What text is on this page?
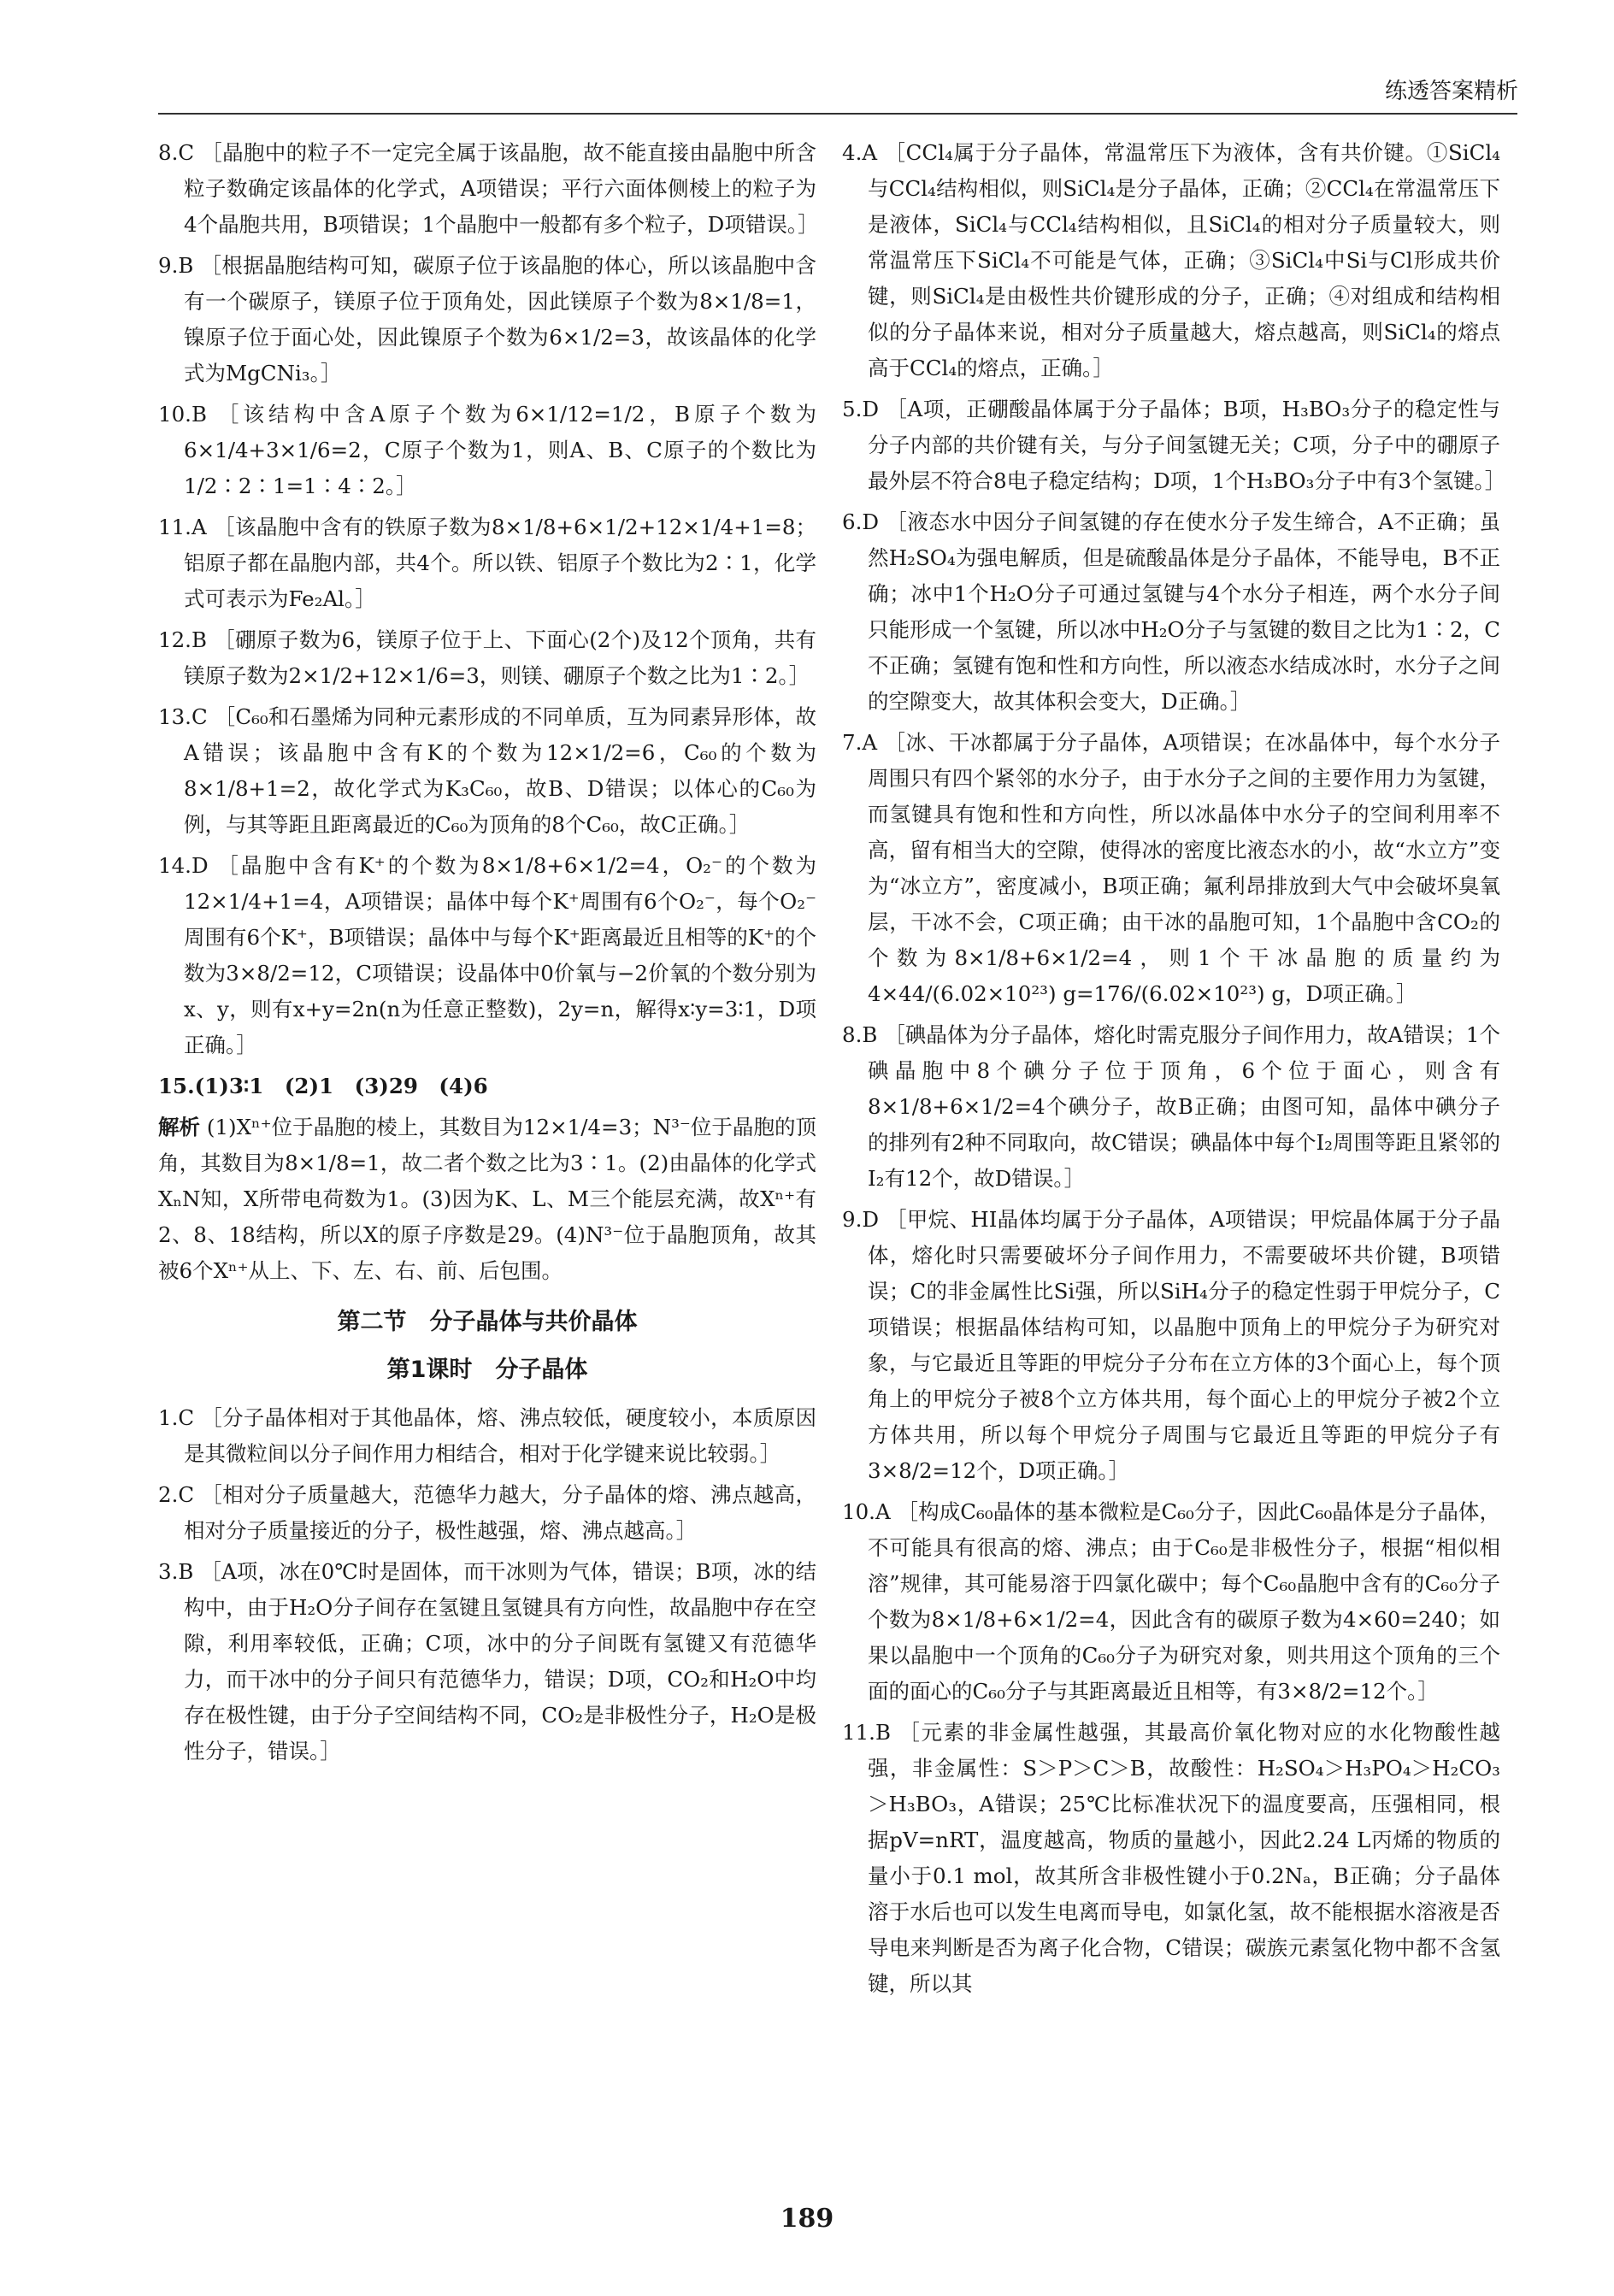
练透答案精析

8.C ［晶胞中的粒子不一定完全属于该晶胞，故不能直接由晶胞中所含粒子数确定该晶体的化学式，A项错误；平行六面体侧棱上的粒子为4个晶胞共用，B项错误；1个晶胞中一般都有多个粒子，D项错误。］

9.B ［根据晶胞结构可知，碳原子位于该晶胞的体心，所以该晶胞中含有一个碳原子，镁原子位于顶角处，因此镁原子个数为8×1/8=1，镍原子位于面心处，因此镍原子个数为6×1/2=3，故该晶体的化学式为MgCNi₃。］

10.B ［该结构中含A原子个数为6×1/12=1/2，B原子个数为6×1/4+3×1/6=2，C原子个数为1，则A、B、C原子的个数比为1/2∶2∶1=1∶4∶2。］

11.A ［该晶胞中含有的铁原子数为8×1/8+6×1/2+12×1/4+1=8；铝原子都在晶胞内部，共4个。所以铁、铝原子个数比为2∶1，化学式可表示为Fe₂Al。］

12.B ［硼原子数为6，镁原子位于上、下面心(2个)及12个顶角，共有镁原子数为2×1/2+12×1/6=3，则镁、硼原子个数之比为1∶2。］

13.C ［C₆₀和石墨烯为同种元素形成的不同单质，互为同素异形体，故A错误；该晶胞中含有K的个数为12×1/2=6，C₆₀的个数为8×1/8+1=2，故化学式为K₃C₆₀，故B、D错误；以体心的C₆₀为例，与其等距且距离最近的C₆₀为顶角的8个C₆₀，故C正确。］

14.D ［晶胞中含有K⁺的个数为8×1/8+6×1/2=4，O₂⁻的个数为12×1/4+1=4，A项错误；晶体中每个K⁺周围有6个O₂⁻，每个O₂⁻周围有6个K⁺，B项错误；晶体中与每个K⁺距离最近且相等的K⁺的个数为3×8/2=12，C项错误；设晶体中0价氧与−2价氧的个数分别为x、y，则有x+y=2n(n为任意正整数)，2y=n，解得x∶y=3∶1，D项正确。］

15.(1)3∶1　(2)1　(3)29　(4)6

解析 (1)Xⁿ⁺位于晶胞的棱上，其数目为12×1/4=3；N³⁻位于晶胞的顶角，其数目为8×1/8=1，故二者个数之比为3∶1。(2)由晶体的化学式XₙN知，X所带电荷数为1。(3)因为K、L、M三个能层充满，故Xⁿ⁺有2、8、18结构，所以X的原子序数是29。(4)N³⁻位于晶胞顶角，故其被6个Xⁿ⁺从上、下、左、右、前、后包围。

第二节　分子晶体与共价晶体
第1课时　分子晶体

1.C ［分子晶体相对于其他晶体，熔、沸点较低，硬度较小，本质原因是其微粒间以分子间作用力相结合，相对于化学键来说比较弱。］

2.C ［相对分子质量越大，范德华力越大，分子晶体的熔、沸点越高，相对分子质量接近的分子，极性越强，熔、沸点越高。］

3.B ［A项，冰在0℃时是固体，而干冰则为气体，错误；B项，冰的结构中，由于H₂O分子间存在氢键且氢键具有方向性，故晶胞中存在空隙，利用率较低，正确；C项，冰中的分子间既有氢键又有范德华力，而干冰中的分子间只有范德华力，错误；D项，CO₂和H₂O中均存在极性键，由于分子空间结构不同，CO₂是非极性分子，H₂O是极性分子，错误。］

4.A ［CCl₄属于分子晶体，常温常压下为液体，含有共价键。①SiCl₄与CCl₄结构相似，则SiCl₄是分子晶体，正确；②CCl₄在常温常压下是液体，SiCl₄与CCl₄结构相似，且SiCl₄的相对分子质量较大，则常温常压下SiCl₄不可能是气体，正确；③SiCl₄中Si与Cl形成共价键，则SiCl₄是由极性共价键形成的分子，正确；④对组成和结构相似的分子晶体来说，相对分子质量越大，熔点越高，则SiCl₄的熔点高于CCl₄的熔点，正确。］

5.D ［A项，正硼酸晶体属于分子晶体；B项，H₃BO₃分子的稳定性与分子内部的共价键有关，与分子间氢键无关；C项，分子中的硼原子最外层不符合8电子稳定结构；D项，1个H₃BO₃分子中有3个氢键。］

6.D ［液态水中因分子间氢键的存在使水分子发生缔合，A不正确；虽然H₂SO₄为强电解质，但是硫酸晶体是分子晶体，不能导电，B不正确；冰中1个H₂O分子可通过氢键与4个水分子相连，两个水分子间只能形成一个氢键，所以冰中H₂O分子与氢键的数目之比为1∶2，C不正确；氢键有饱和性和方向性，所以液态水结成冰时，水分子之间的空隙变大，故其体积会变大，D正确。］

7.A ［冰、干冰都属于分子晶体，A项错误；在冰晶体中，每个水分子周围只有四个紧邻的水分子，由于水分子之间的主要作用力为氢键，而氢键具有饱和性和方向性，所以冰晶体中水分子的空间利用率不高，留有相当大的空隙，使得冰的密度比液态水的小，故“水立方”变为“冰立方”，密度减小，B项正确；氟利昂排放到大气中会破坏臭氧层，干冰不会，C项正确；由干冰的晶胞可知，1个晶胞中含CO₂的个数为8×1/8+6×1/2=4，则1个干冰晶胞的质量约为4×44/(6.02×10²³) g=176/(6.02×10²³) g，D项正确。］

8.B ［碘晶体为分子晶体，熔化时需克服分子间作用力，故A错误；1个碘晶胞中8个碘分子位于顶角，6个位于面心，则含有8×1/8+6×1/2=4个碘分子，故B正确；由图可知，晶体中碘分子的排列有2种不同取向，故C错误；碘晶体中每个I₂周围等距且紧邻的I₂有12个，故D错误。］

9.D ［甲烷、HI晶体均属于分子晶体，A项错误；甲烷晶体属于分子晶体，熔化时只需要破坏分子间作用力，不需要破坏共价键，B项错误；C的非金属性比Si强，所以SiH₄分子的稳定性弱于甲烷分子，C项错误；根据晶体结构可知，以晶胞中顶角上的甲烷分子为研究对象，与它最近且等距的甲烷分子分布在立方体的3个面心上，每个顶角上的甲烷分子被8个立方体共用，每个面心上的甲烷分子被2个立方体共用，所以每个甲烷分子周围与它最近且等距的甲烷分子有3×8/2=12个，D项正确。］

10.A ［构成C₆₀晶体的基本微粒是C₆₀分子，因此C₆₀晶体是分子晶体，不可能具有很高的熔、沸点；由于C₆₀是非极性分子，根据“相似相溶”规律，其可能易溶于四氯化碳中；每个C₆₀晶胞中含有的C₆₀分子个数为8×1/8+6×1/2=4，因此含有的碳原子数为4×60=240；如果以晶胞中一个顶角的C₆₀分子为研究对象，则共用这个顶角的三个面的面心的C₆₀分子与其距离最近且相等，有3×8/2=12个。］

11.B ［元素的非金属性越强，其最高价氧化物对应的水化物酸性越强，非金属性：S＞P＞C＞B，故酸性：H₂SO₄＞H₃PO₄＞H₂CO₃＞H₃BO₃，A错误；25℃比标准状况下的温度要高，压强相同，根据pV=nRT，温度越高，物质的量越小，因此2.24 L丙烯的物质的量小于0.1 mol，故其所含非极性键小于0.2Nₐ，B正确；分子晶体溶于水后也可以发生电离而导电，如氯化氢，故不能根据水溶液是否导电来判断是否为离子化合物，C错误；碳族元素氢化物中都不含氢键，所以其

189
